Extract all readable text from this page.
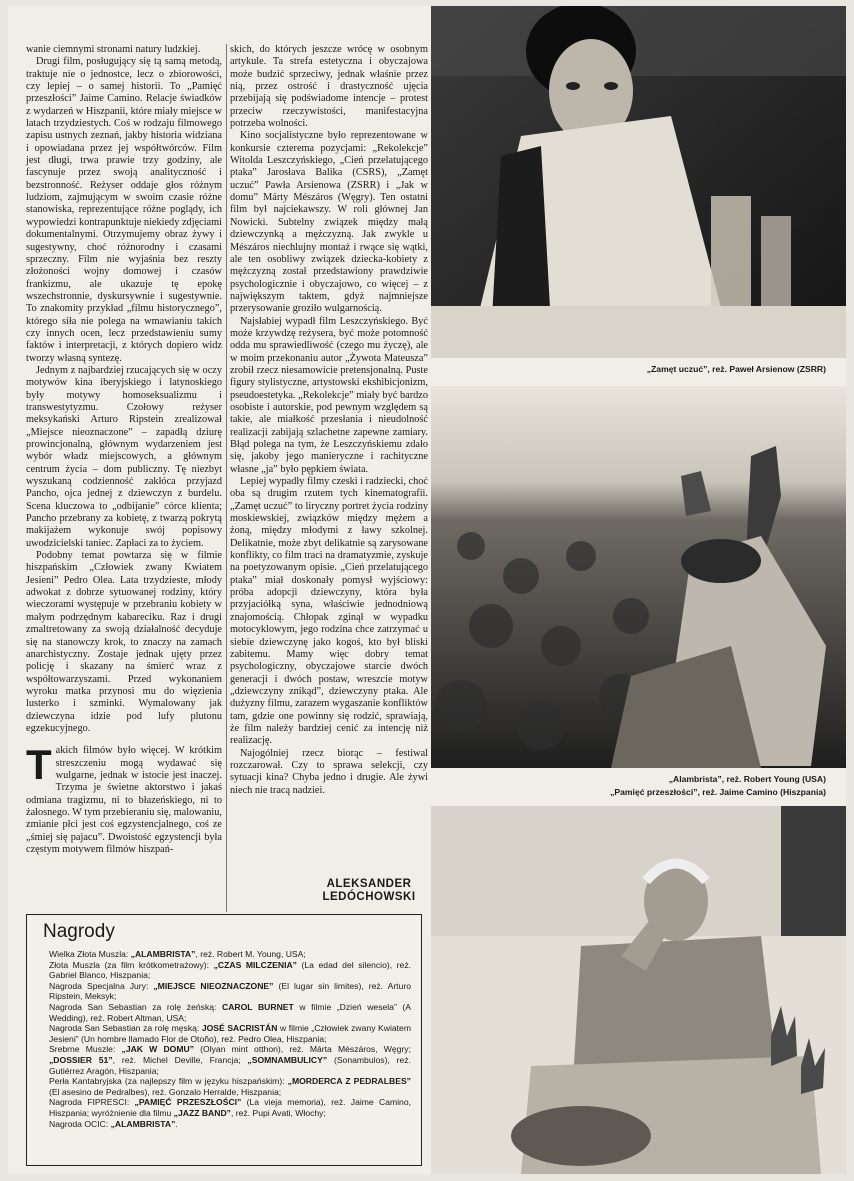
wanie ciemnymi stronami natury ludzkiej.

Drugi film, posługujący się tą samą metodą, traktuje nie o jednostce, lecz o zbiorowości, czy lepiej – o samej historii. To „Pamięć przeszłości” Jaime Camino. Relacje świadków z wydarzeń w Hiszpanii, które miały miejsce w latach trzydziestych. Coś w rodzaju filmowego zapisu ustnych zeznań, jakby historia widziana i opowiadana przez jej współtwórców. Film jest długi, trwa prawie trzy godziny, ale fascynuje przez swoją analityczność i bezstronność. Reżyser oddaje głos różnym ludziom, zajmującym w swoim czasie różne stanowiska, reprezentujące różne poglądy, ich wypowiedzi kontrapunktuje niekiedy zdjęciami dokumentalnymi. Otrzymujemy obraz żywy i sugestywny, choć różnorodny i czasami sprzeczny. Film nie wyjaśnia bez reszty złożoności wojny domowej i czasów frankizmu, ale ukazuje tę epokę wszechstronnie, dyskursywnie i sugestywnie. To znakomity przykład „filmu historycznego”, którego siła nie polega na wmawianiu takich czy innych ocen, lecz przedstawieniu sumy faktów i interpretacji, z których dopiero widz tworzy własną syntezę.

Jednym z najbardziej rzucających się w oczy motywów kina iberyjskiego i latynoskiego były motywy homoseksualizmu i transwestytyzmu. Czołowy reżyser meksykański Arturo Ripstein zrealizował „Miejsce nieoznaczone” – zapadłą dziurę prowincjonalną, głównym wydarzeniem jest wybór władz miejscowych, a głównym centrum życia – dom publiczny. Tę niezbyt wyszukaną codzienność zakłóca przyjazd Pancho, ojca jednej z dziewczyn z burdelu. Scena kluczowa to „odbijanie” córce klienta; Pancho przebrany za kobietę, z twarzą pokrytą makijażem wykonuje swój popisowy uwodzicielski taniec. Zapłaci za to życiem.

Podobny temat powtarza się w filmie hiszpańskim „Człowiek zwany Kwiatem Jesieni” Pedro Olea. Lata trzydzieste, młody adwokat z dobrze sytuowanej rodziny, który wieczorami występuje w przebraniu kobiety w małym podrzędnym kabareciku. Raz i drugi zmaltretowany za swoją działalność decyduje się na stanowczy krok, to znaczy na zamach anarchistyczny. Zostaje jednak ujęty przez policję i skazany na śmierć wraz z współtowarzyszami. Przed wykonaniem wyroku matka przynosi mu do więzienia lusterko i szminki. Wymalowany jak dziewczyna idzie pod lufy plutonu egzekucyjnego.

Takich filmów było więcej. W krótkim streszczeniu mogą wydawać się wulgarne, jednak w istocie jest inaczej. Trzyma je świetne aktorstwo i jakaś odmiana tragizmu, ni to błazeńskiego, ni to żałosnego. W tym przebieraniu się, malowaniu, zmianie płci jest coś egzystencjalnego, coś ze „śmiej się pajacu”. Dwoistość egzystencji była częstym motywem filmów hiszpań-

skich, do których jeszcze wrócę w osobnym artykule. Ta strefa estetyczna i obyczajowa może budzić sprzeciwy, jednak właśnie przez nią, przez ostrość i drastyczność ujęcia przebijają się podświadome intencje – protest przeciw rzeczywistości, manifestacyjna potrzeba wolności.

Kino socjalistyczne było reprezentowane w konkursie czterema pozycjami: „Rekolekcje” Witolda Leszczyńskiego, „Cień przelatującego ptaka” Jarosłava Balika (CSRS), „Zamęt uczuć” Pawła Arsienowa (ZSRR) i „Jak w domu” Márty Mészáros (Węgry). Ten ostatni film był najciekawszy. W roli głównej Jan Nowicki. Subtelny związek między małą dziewczynką a mężczyzną. Jak zwykle u Mészáros niechlujny montaż i rwące się wątki, ale ten osobliwy związek dziecka-kobiety z mężczyzną został przedstawiony prawdziwie psychologicznie i obyczajowo, co więcej – z największym taktem, gdyż najmniejsze przerysowanie groziło wulgarnością.

Najsłabiej wypadł film Leszczyńskiego. Być może krzywdzę reżysera, być może potomność odda mu sprawiedliwość (czego mu życzę), ale w moim przekonaniu autor „Żywota Mateusza” zrobił rzecz niesamowicie pretensjonalną. Puste figury stylistyczne, artystowski ekshibicjonizm, pseudoestetyka. „Rekolekcje” miały być bardzo osobiste i autorskie, pod pewnym względem są takie, ale miałkość przesłania i nieudolność realizacji zabijają szlachetne zapewne zamiary. Błąd polega na tym, że Leszczyńskiemu zdało się, jakoby jego manieryczne i rachityczne własne „ja” było pępkiem świata.

Lepiej wypadły filmy czeski i radziecki, choć oba są drugim rzutem tych kinematografii. „Zamęt uczuć” to liryczny portret życia rodziny moskiewskiej, związków między mężem a żoną, między młodymi z ławy szkolnej. Delikatnie, może zbyt delikatnie są zarysowane konflikty, co film traci na dramatyzmie, zyskuje na poetyzowanym opisie. „Cień przelatującego ptaka” miał doskonały pomysł wyjściowy: próba adopcji dziewczyny, która była przyjaciółką syna, właściwie jednodniową znajomością. Chłopak zginął w wypadku motocyklowym, jego rodzina chce zatrzymać u siebie dziewczynę jako kogoś, kto był bliski zabitemu. Mamy więc dobry temat psychologiczny, obyczajowe starcie dwóch generacji i dwóch postaw, wreszcie motyw „dziewczyny znikąd”, dziewczyny ptaka. Ale dużyzny filmu, zarazem wygaszanie konfliktów tam, gdzie one powinny się rodzić, sprawiają, że film należy bardziej cenić za intencję niż realizację.

Najogólniej rzecz biorąc – festiwal rozczarował. Czy to sprawa selekcji, czy sytuacji kina? Chyba jedno i drugie. Ale żywi niech nie tracą nadziei.

ALEKSANDER
LEDÓCHOWSKI
„Zamęt uczuć”, reż. Paweł Arsienow (ZSRR)
„Alambrista”, reż. Robert Young (USA)
„Pamięć przeszłości”, reż. Jaime Camino (Hiszpania)
Nagrody

Wielka Złota Muszla: „ALAMBRISTA”, reż. Robert M. Young, USA;

Złota Muszla (za film krótkometrażowy): „CZAS MILCZENIA” (La edad del silencio), reż. Gabriel Blanco, Hiszpania;

Nagroda Specjalna Jury: „MIEJSCE NIEOZNACZONE” (El lugar sin limites), reż. Arturo Ripstein, Meksyk;

Nagroda San Sebastian za rolę żeńską: CAROL BURNET w filmie „Dzień wesela” (A Wedding), reż. Robert Altman, USA;

Nagroda San Sebastian za rolę męską: JOSÉ SACRISTÁN w filmie „Człowiek zwany Kwiatem Jesieni” (Un hombre llamado Flor de Otoño), reż. Pedro Olea, Hiszpania;

Srebrne Muszle: „JAK W DOMU” (Olyan mint otthon), reż. Márta Mészáros, Węgry; „DOSSIER 51”, reż. Michel Deville, Francja; „SOMNAMBULICY” (Sonambulos), reż. Gutiérrez Aragón, Hiszpania;

Perła Kantabryjska (za najlepszy film w języku hiszpańskim): „MORDERCA Z PEDRALBES” (El asesino de Pedralbes), reż. Gonzalo Herralde, Hiszpania;

Nagroda FIPRESCI: „PAMIĘĆ PRZESZŁOŚCI” (La vieja memoria), reż. Jaime Camino, Hiszpania; wyróżnienie dla filmu „JAZZ BAND”, reż. Pupi Avati, Włochy;

Nagroda OCIC: „ALAMBRISTA”.
